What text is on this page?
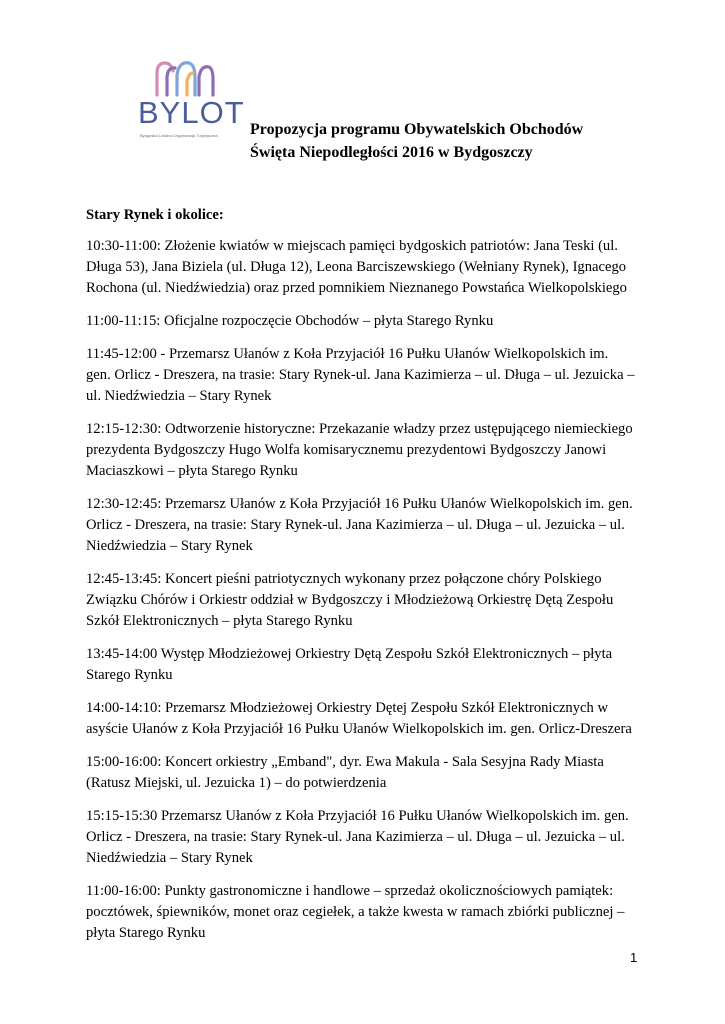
BYLOT
Bydgoska Lokalna Organizacja Turystyczna	Propozycja programu Obywatelskich Obchodów
Święta Niepodległości 2016 w Bydgoszczy
Stary Rynek i okolice:
10:30-11:00: Złożenie kwiatów w miejscach pamięci bydgoskich patriotów: Jana Teski (ul.
Długa 53), Jana Biziela (ul. Długa 12), Leona Barciszewskiego (Wełniany Rynek), Ignacego
Rochona (ul. Niedźwiedzia) oraz przed pomnikiem Nieznanego Powstańca Wielkopolskiego
11:00-11:15: Oficjalne rozpoczęcie Obchodów – płyta Starego Rynku
11:45-12:00 - Przemarsz Ułanów z Koła Przyjaciół 16 Pułku Ułanów Wielkopolskich im.
gen. Orlicz - Dreszera, na trasie: Stary Rynek-ul. Jana Kazimierza – ul. Długa – ul. Jezuicka –
ul. Niedźwiedzia – Stary Rynek
12:15-12:30: Odtworzenie historyczne: Przekazanie władzy przez ustępującego niemieckiego
prezydenta Bydgoszczy Hugo Wolfa komisarycznemu prezydentowi Bydgoszczy Janowi
Maciaszkowi – płyta Starego Rynku
12:30-12:45: Przemarsz Ułanów z Koła Przyjaciół 16 Pułku Ułanów Wielkopolskich im. gen.
Orlicz - Dreszera, na trasie: Stary Rynek-ul. Jana Kazimierza – ul. Długa – ul. Jezuicka – ul.
Niedźwiedzia – Stary Rynek
12:45-13:45: Koncert pieśni patriotycznych wykonany przez połączone chóry Polskiego
Związku Chórów i Orkiestr oddział w Bydgoszczy i Młodzieżową Orkiestrę Dętą Zespołu
Szkół Elektronicznych – płyta Starego Rynku
13:45-14:00 Występ Młodzieżowej Orkiestry Dętą Zespołu Szkół Elektronicznych – płyta
Starego Rynku
14:00-14:10: Przemarsz Młodzieżowej Orkiestry Dętej Zespołu Szkół Elektronicznych w
asyście Ułanów z Koła Przyjaciół 16 Pułku Ułanów Wielkopolskich im. gen. Orlicz-Dreszera
15:00-16:00: Koncert orkiestry „Emband", dyr. Ewa Makula - Sala Sesyjna Rady Miasta
(Ratusz Miejski, ul. Jezuicka 1) – do potwierdzenia
15:15-15:30 Przemarsz Ułanów z Koła Przyjaciół 16 Pułku Ułanów Wielkopolskich im. gen.
Orlicz - Dreszera, na trasie: Stary Rynek-ul. Jana Kazimierza – ul. Długa – ul. Jezuicka – ul.
Niedźwiedzia – Stary Rynek
11:00-16:00: Punkty gastronomiczne i handlowe – sprzedaż okolicznościowych pamiątek:
pocztówek, śpiewników, monet oraz cegiełek, a także kwesta w ramach zbiórki publicznej –
płyta Starego Rynku
1
